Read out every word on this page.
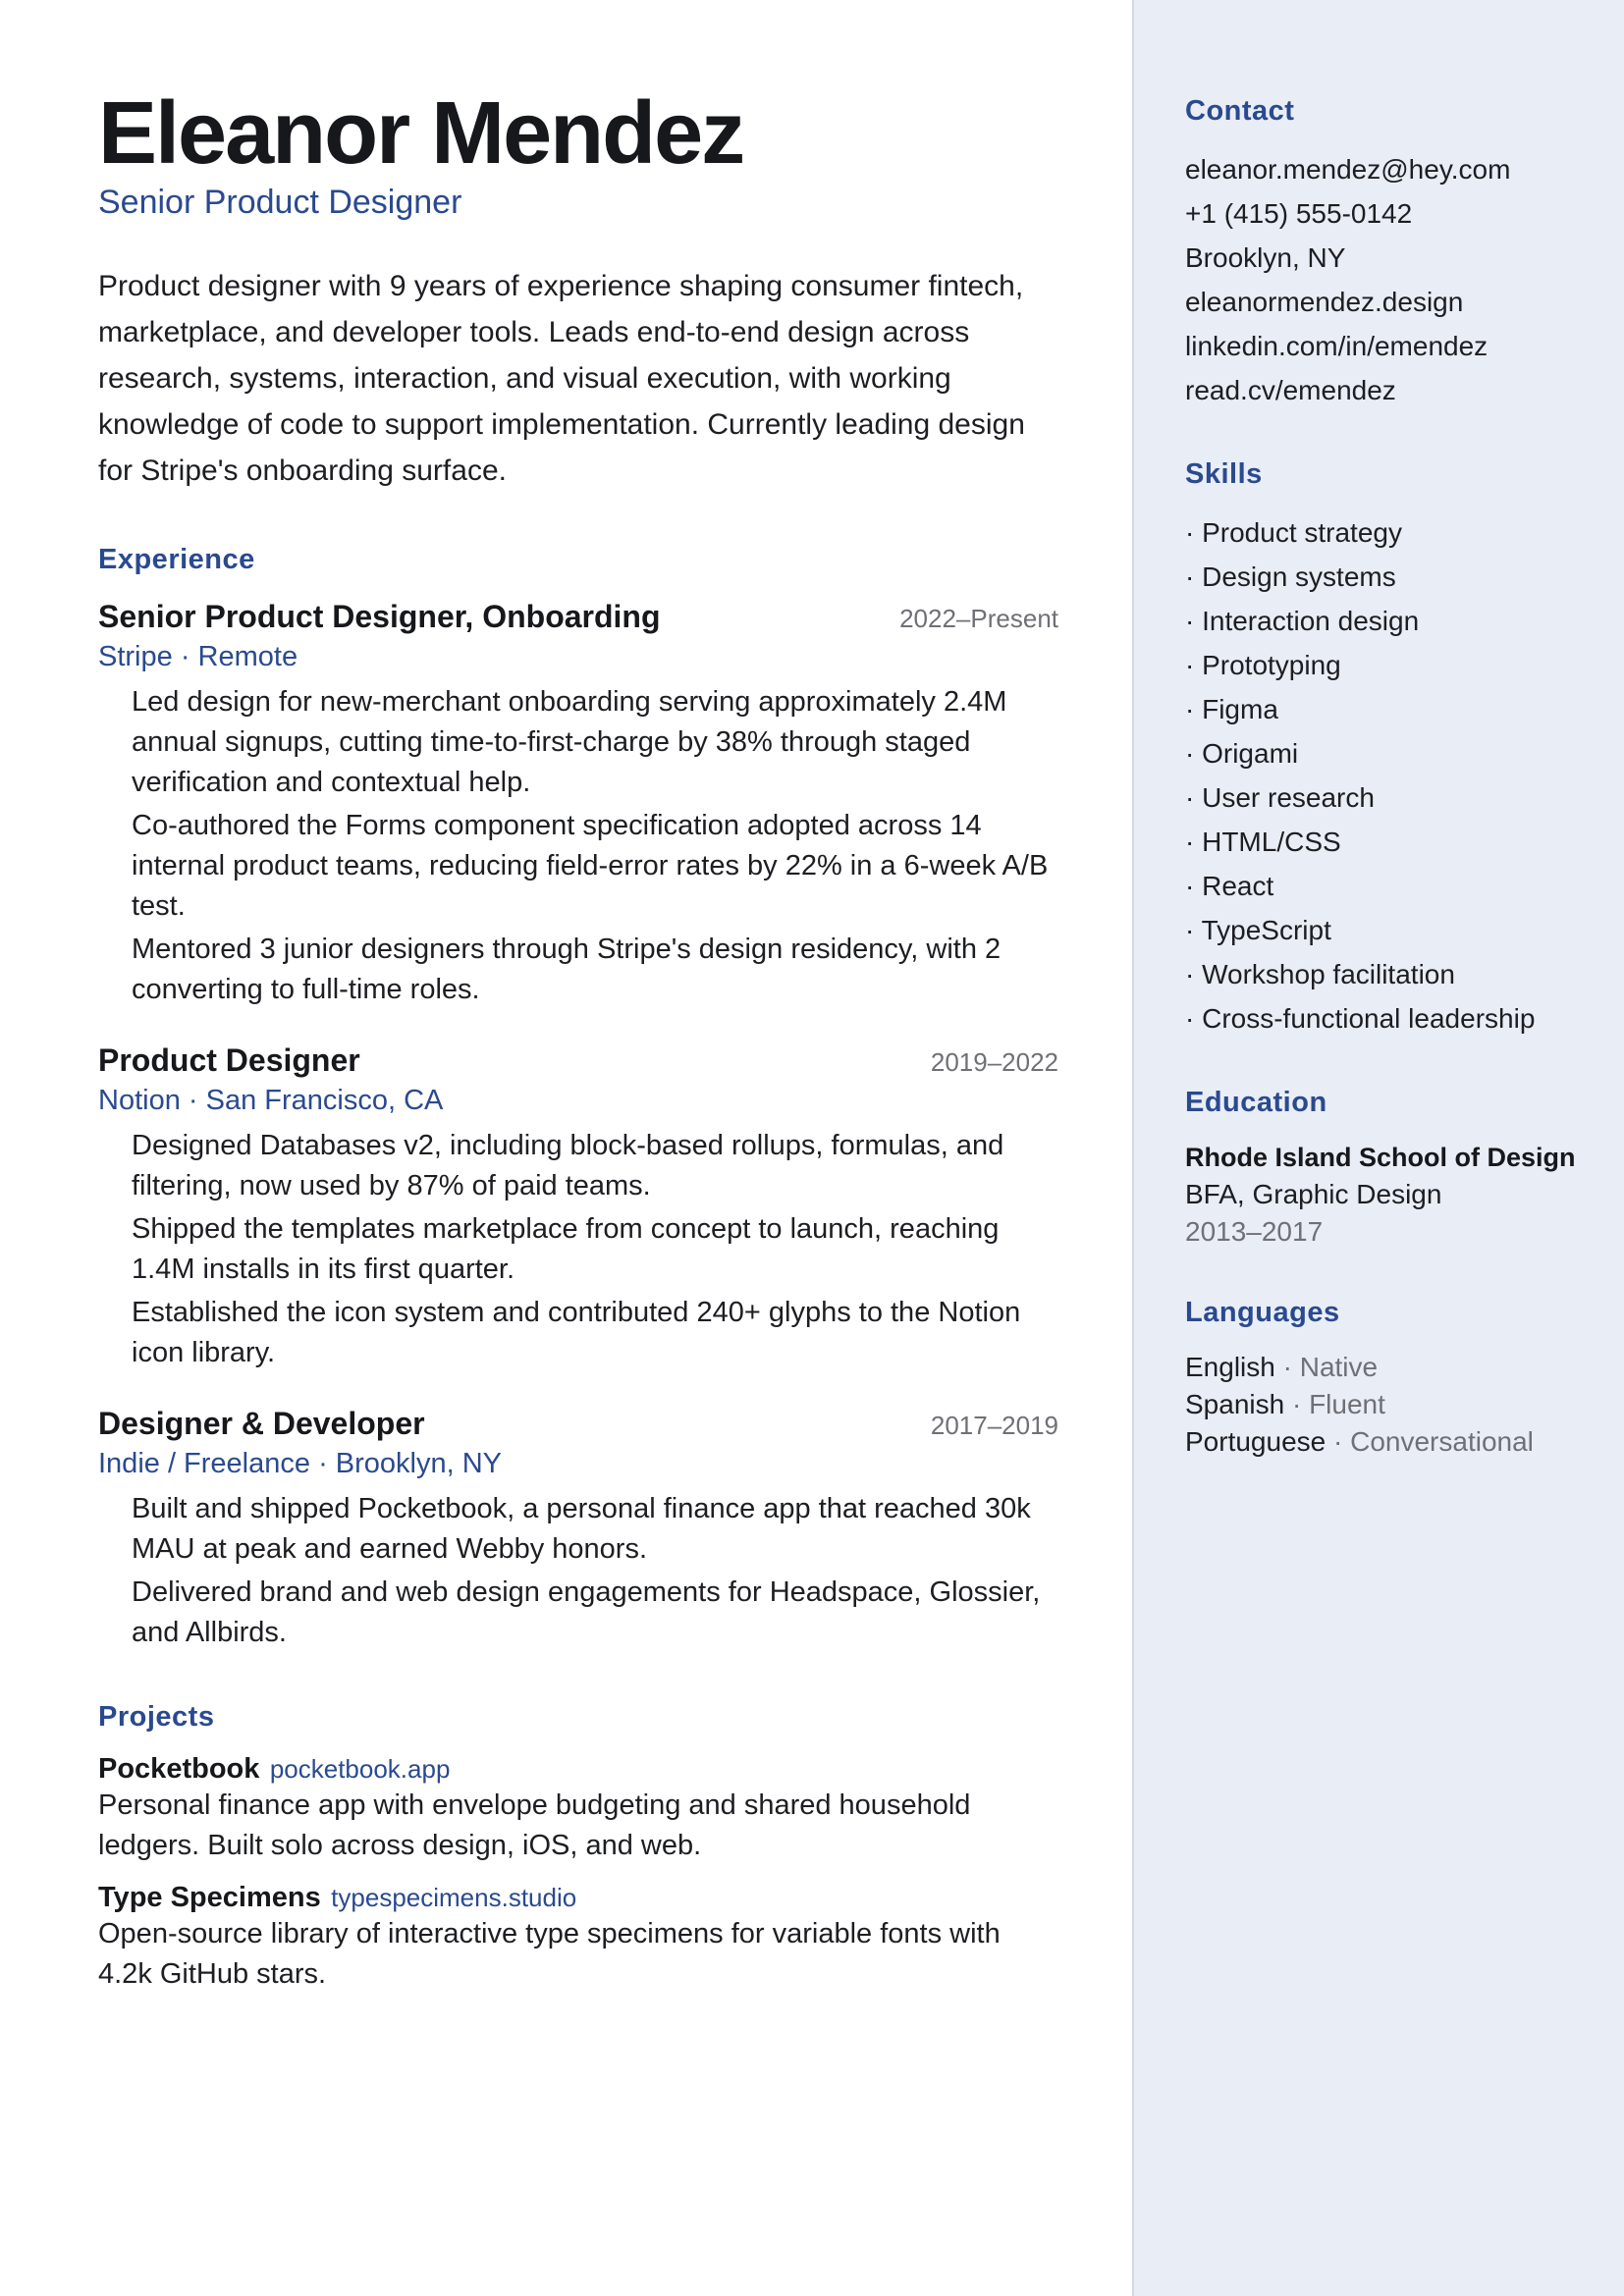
Eleanor Mendez
Senior Product Designer

Product designer with 9 years of experience shaping consumer fintech, marketplace, and developer tools. Leads end-to-end design across research, systems, interaction, and visual execution, with working knowledge of code to support implementation. Currently leading design for Stripe's onboarding surface.

Experience
Senior Product Designer, Onboarding	2022–Present
Stripe · Remote
Led design for new-merchant onboarding serving approximately 2.4M annual signups, cutting time-to-first-charge by 38% through staged verification and contextual help.
Co-authored the Forms component specification adopted across 14 internal product teams, reducing field-error rates by 22% in a 6-week A/B test.
Mentored 3 junior designers through Stripe's design residency, with 2 converting to full-time roles.
Product Designer	2019–2022
Notion · San Francisco, CA
Designed Databases v2, including block-based rollups, formulas, and filtering, now used by 87% of paid teams.
Shipped the templates marketplace from concept to launch, reaching 1.4M installs in its first quarter.
Established the icon system and contributed 240+ glyphs to the Notion icon library.
Designer & Developer	2017–2019
Indie / Freelance · Brooklyn, NY
Built and shipped Pocketbook, a personal finance app that reached 30k MAU at peak and earned Webby honors.
Delivered brand and web design engagements for Headspace, Glossier, and Allbirds.
Projects
Pocketbook pocketbook.app
Personal finance app with envelope budgeting and shared household ledgers. Built solo across design, iOS, and web.
Type Specimens typespecimens.studio
Open-source library of interactive type specimens for variable fonts with 4.2k GitHub stars.
Contact
eleanor.mendez@hey.com
+1 (415) 555-0142
Brooklyn, NY
eleanormendez.design
linkedin.com/in/emendez
read.cv/emendez
Skills
· Product strategy
· Design systems
· Interaction design
· Prototyping
· Figma
· Origami
· User research
· HTML/CSS
· React
· TypeScript
· Workshop facilitation
· Cross-functional leadership
Education
Rhode Island School of Design
BFA, Graphic Design
2013–2017
Languages
English · Native
Spanish · Fluent
Portuguese · Conversational
